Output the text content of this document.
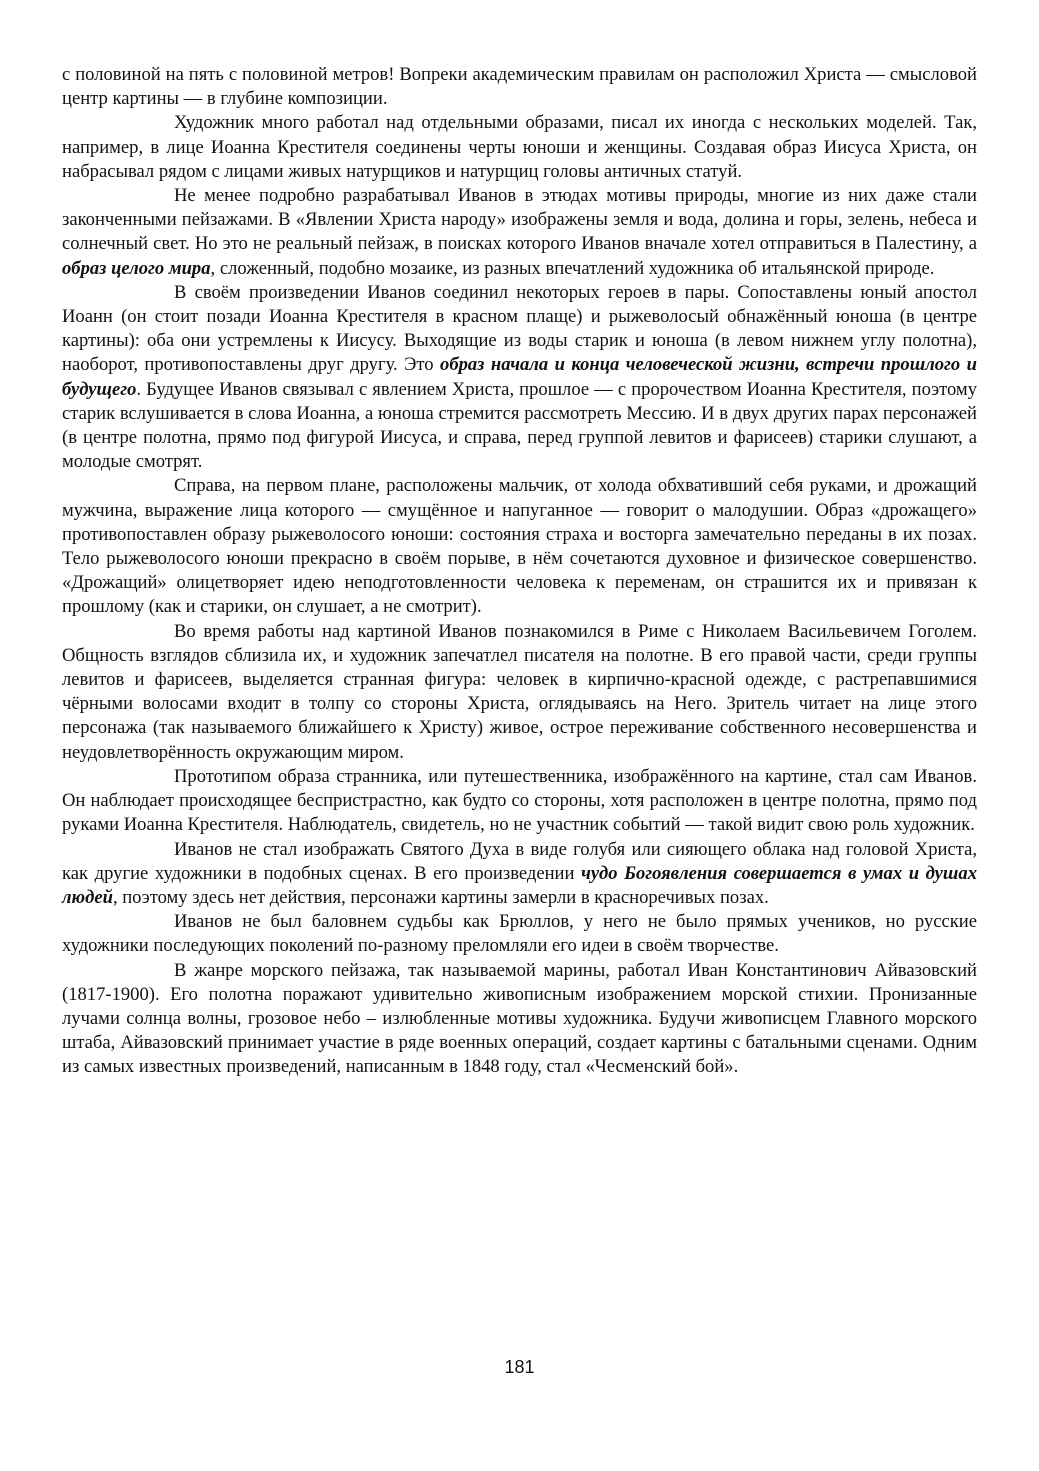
с половиной на пять с половиной метров! Вопреки академическим правилам он расположил Христа — смысловой центр картины — в глубине композиции.

Художник много работал над отдельными образами, писал их иногда с нескольких моделей. Так, например, в лице Иоанна Крестителя соединены черты юноши и женщины. Создавая образ Иисуса Христа, он набрасывал рядом с лицами живых натурщиков и натурщиц головы античных статуй.

Не менее подробно разрабатывал Иванов в этюдах мотивы природы, многие из них даже стали законченными пейзажами. В «Явлении Христа народу» изображены земля и вода, долина и горы, зелень, небеса и солнечный свет. Но это не реальный пейзаж, в поисках которого Иванов вначале хотел отправиться в Палестину, а образ целого мира, сложенный, подобно мозаике, из разных впечатлений художника об итальянской природе.

В своём произведении Иванов соединил некоторых героев в пары. Сопоставлены юный апостол Иоанн (он стоит позади Иоанна Крестителя в красном плаще) и рыжеволосый обнажённый юноша (в центре картины): оба они устремлены к Иисусу. Выходящие из воды старик и юноша (в левом нижнем углу полотна), наоборот, противопоставлены друг другу. Это образ начала и конца человеческой жизни, встречи прошлого и будущего. Будущее Иванов связывал с явлением Христа, прошлое — с пророчеством Иоанна Крестителя, поэтому старик вслушивается в слова Иоанна, а юноша стремится рассмотреть Мессию. И в двух других парах персонажей (в центре полотна, прямо под фигурой Иисуса, и справа, перед группой левитов и фарисеев) старики слушают, а молодые смотрят.

Справа, на первом плане, расположены мальчик, от холода обхвативший себя руками, и дрожащий мужчина, выражение лица которого — смущённое и напуганное — говорит о малодушии. Образ «дрожащего» противопоставлен образу рыжеволосого юноши: состояния страха и восторга замечательно переданы в их позах. Тело рыжеволосого юноши прекрасно в своём порыве, в нём сочетаются духовное и физическое совершенство. «Дрожащий» олицетворяет идею неподготовленности человека к переменам, он страшится их и привязан к прошлому (как и старики, он слушает, а не смотрит).

Во время работы над картиной Иванов познакомился в Риме с Николаем Васильевичем Гоголем. Общность взглядов сблизила их, и художник запечатлел писателя на полотне. В его правой части, среди группы левитов и фарисеев, выделяется странная фигура: человек в кирпично-красной одежде, с растрепавшимися чёрными волосами входит в толпу со стороны Христа, оглядываясь на Него. Зритель читает на лице этого персонажа (так называемого ближайшего к Христу) живое, острое переживание собственного несовершенства и неудовлетворённость окружающим миром.

Прототипом образа странника, или путешественника, изображённого на картине, стал сам Иванов. Он наблюдает происходящее беспристрастно, как будто со стороны, хотя расположен в центре полотна, прямо под руками Иоанна Крестителя. Наблюдатель, свидетель, но не участник событий — такой видит свою роль художник.

Иванов не стал изображать Святого Духа в виде голубя или сияющего облака над головой Христа, как другие художники в подобных сценах. В его произведении чудо Богоявления совершается в умах и душах людей, поэтому здесь нет действия, персонажи картины замерли в красноречивых позах.

Иванов не был баловнем судьбы как Брюллов, у него не было прямых учеников, но русские художники последующих поколений по-разному преломляли его идеи в своём творчестве.

В жанре морского пейзажа, так называемой марины, работал Иван Константинович Айвазовский (1817-1900). Его полотна поражают удивительно живописным изображением морской стихии. Пронизанные лучами солнца волны, грозовое небо – излюбленные мотивы художника. Будучи живописцем Главного морского штаба, Айвазовский принимает участие в ряде военных операций, создает картины с батальными сценами. Одним из самых известных произведений, написанным в 1848 году, стал «Чесменский бой».

181
